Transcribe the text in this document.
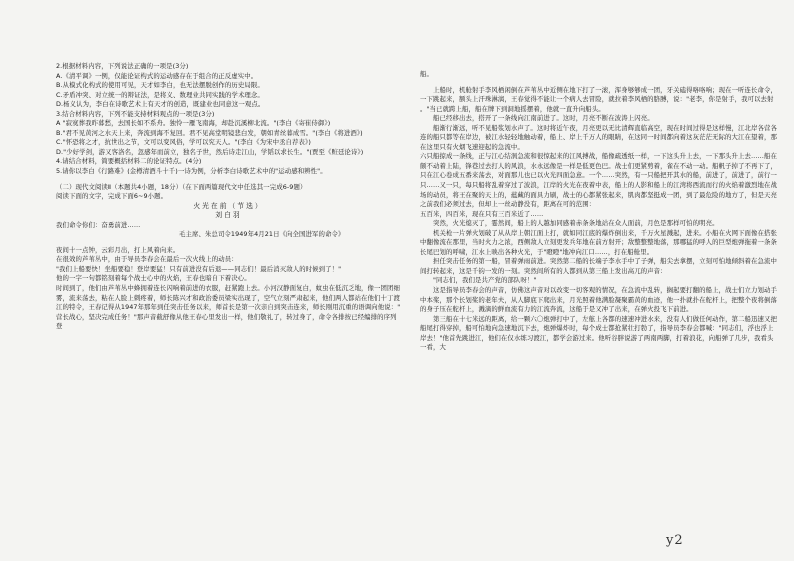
2.根据材料内容，下列说法正确的一项是(3分)
A.《清平调》一例，仅能论证构式的运动感存在于组合的正反虚实中。
B.从模式化构式的使用可见，天才如李白，也无法摆脱创作的历史局限。
C.矛盾冲突、对立统一的辩证法，是将义、数理业共同实践的学术理念。
D.杨义认为，李白在诗歌艺术上有天才的创造，既建业也同意这一观点。
3.结合材料内容，下列不能支持材料观点的一项是(3分)
A "寂寞葬我昨暮愁，去国长如不系舟。独怜一雁飞南海，却赴沉溪柳北流。"(李白《寄崔侍御》)
B."君不见黄河之水天上来，奔流到海不复回。君不见高堂明镜悲白发，朝如青丝暮成雪。"(李白《将进酒》)
C."怀恐将之才，抗世出之节，文可以变风俗，学可以究天人。"(李白《为宋中丞自荐表》)
D."少好学剑，游又客洛名，忽感年而前立，独名子世，然后诗走江山，学韬以求长生。"(贾至《赃廷论诗》)
4.请结合材料，简要概括材料二的论证特点。(4分)
5.请你以李白《行路难》(金樽清酒斗十千)一诗为例，分析李白诗歌艺术中的"运动感和辨性"。
（二）现代文阅读Ⅱ（本题共4小题，18分）（在下面两篇现代文中任选其一完成6-9题）
阅读下面的文字，完成下面6~9小题。
火光在前（节选）
刘白羽
我们命令你们：奋勇前进……
毛主席、朱总司令1949年4月21日《向全国进军的命令》
夜间十一点钟，云彩月出，打上风着向来。
在很效的芦苇丛中，由于导员李春会在最后一次火线上的动员：
"我们上船要快！坐船要稳！登岸要猛！只有前进没有后退——同志们！最后消灭敌人的时候到了！"
他的一字一句都铭刻着每个战士心中的火焰，王春也暗自下着决心。
时间到了，他们由芦苇丛中蜂拥着连长闪响着前进的衣服，赶紧跑上去。小河汉静面复白，蚊虫在低沉乏地，像一团团细
雾，流来荡去，粘在人脸上刺疼着，师长陈兴才和政治委员梁实出现了，空气立刻严肃起来，他们两人都站在他们十丁渡
江的特令，王春记得从1947年那年到任突击任务以来，师首长是第一次亲自到突击连来，师长刚用沉重的语调向他说："
营长战心，坚决完成任务！"那声音截舒像从他王春心里发出一样，他们敬礼了，转过身了，命令各排按已经编排的序列
登
船。
上船时，机舱射手李风栖闲倒在芦苇丛中近侧在地下打了一滚，浑身够够成一团，牙关磕得咯咯响；现在一听连长命令，
一下跳起来，额头上汗珠淋漓，王春觉得不能让一个病人去冒险，就拉着李风栖的胳膊，说："老李，你是射手，我可以去射
。"当已就跨上船，船在牌下到洞地摇摆着，他就一直升向船头。
船已经移出去，搭开了一条线向江南前进了。这时，月亮不断在波涛上闪亮。
船渐行渐远，听不见船浆划水声了。这时将近午夜，月亮更以无比清辉直临高空，现在时间过得是这样慢，江北岸各营各
连的船只都等在岸边，被江水轻轻地触动着，船上、岸上千万人的眼睛，在这同一时间都向着这灰茫茫无际的大江在望着，那
在这里只有火烟飞速迎起的急流中。
六只船掠成一条线，正与江心结涡急流和很惊起来的江风搏战，船像疏透纸一样，一下这头升上去，一下那头升上去……船在
颇不动着上陆，锋巷过去打人的风浪，水永远像是一样是低更色巴。战士们更紧剪着，雀在不动一动。船帆子掉了不再下了，
只在江心卷成五番来荡去，对面那儿也已以火光四面急意。一个……突然，有一只船把开其水的船，前进了，前进了，前行一
只……又一只，每只船将乱着穿过了波浪，江岸的火光在夜着中表，船上的人影和船上的江湾将西流而行的火焰着激烈地在战
场的动员，将王在聚的天上的，蕴藏的面具力刷，战士的心都紧张起来，肌肉都坚挺成一团，到了最危险的地方了，但是天亮
之前我们必须过去，但却上一丝动静没有，距离在可的范围：
五百米，四百米，现在只有三百米近了……
突然，火光熄灭了，霎然间，船上的人越加同感着赤条条地站在众人面前，月色是那样可怕的明亮。
机关枪一片弹火划破了从从岸上朝江面上打，就如同江底的爆炸倒出来，千万火星溅起，进来。小船在火网下面像在搭张
中翻像流在那里，当时火力之浓，西侧敌人立刻更发兵年地在前方射开；敌整整整地落，那哪猛的呼人的巨型炮弹拖着一条条
长尾巴划的呼啸，江水上映出各种火光，于"瞪瞪"地冲向江口……，打在船舱里。
担任突击任务的第一船，冒着弹雨前进。突然第二船的长端子李水手中了子弹，船尖去拿摆，立刻可怕地倾斜着在急流中
间打转起来，这是千钧一发的一刻。突然间所有的人都到从第三船上发出高兀的声音：
"同志们，我们是共产党的部队呀！"
这是指导员李春会的声音，仿佛这声音对以改变一切客观的情况，在急流中乱转，搁起要打翻的船上，战士们立力划动手
中本桨，那个长划桨的老年夫，从人脚底下爬出来，月光照着他满脸凝聚霸黄的血迹，他一扑就扑在舵杆上，把整个夜将倒落
的身子压在舵杆上，溅滴的鲜血流有力的江流奔流，这船于是又冲了出来，在弹火投飞下前进。
第三船在十七米远的距离，给一颗六〇炮弹打中了，左舷上各都的速速冲进水来，没有人们做任何动作，第二船迅速又把
船尾打得穿掉，船可怕地向急速地沉下去，炮弹爆炸时，每个成士都抢紧壮打勃了，指导员李春会都喊："同志们，浮也浮上
岸去！"他首先跳进江，他们在仅水练习渡江，都学会游过来。他听谷胖说游了两南两脚，打着浪花，向船弹了几步，我看头
一看，大
y2
